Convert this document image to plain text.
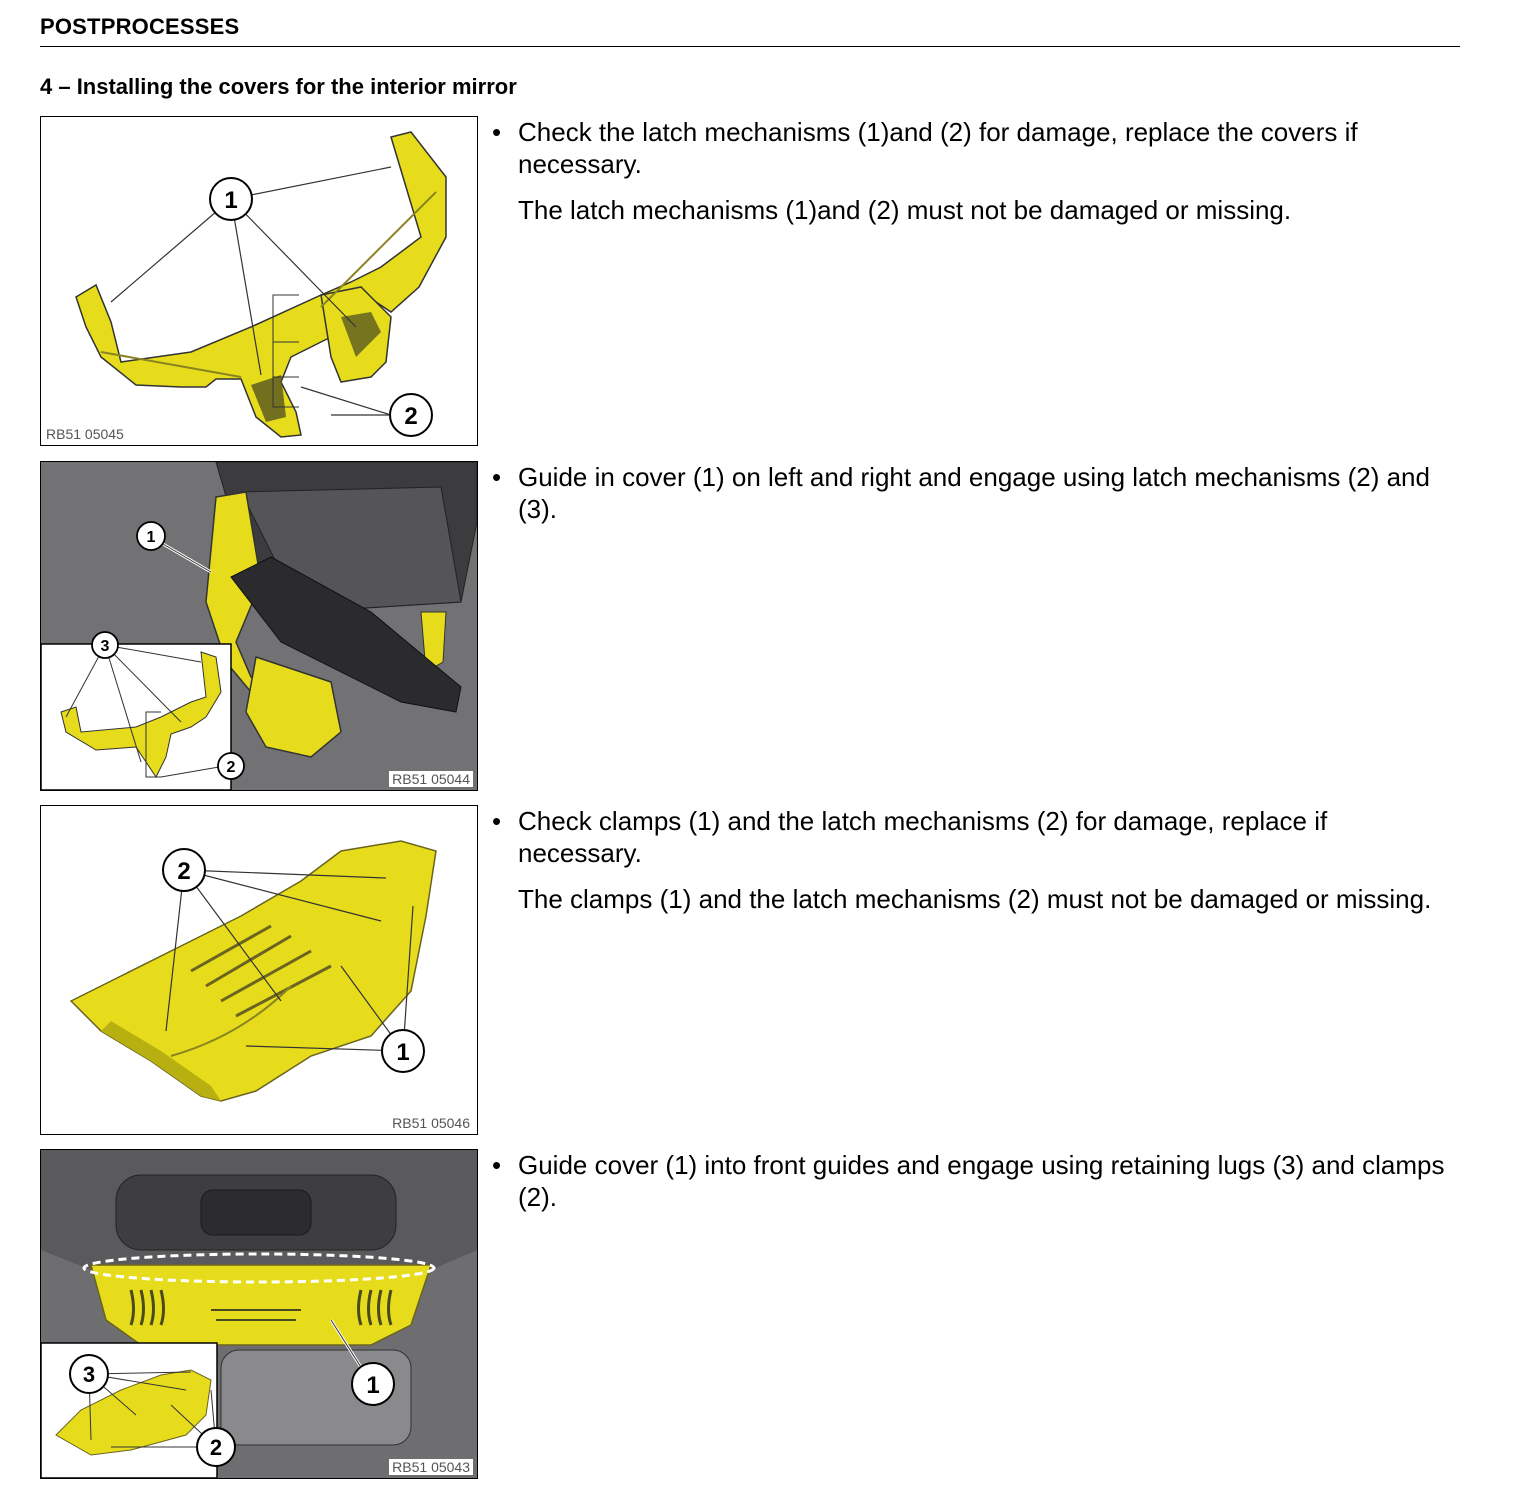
POSTPROCESSES
4 – Installing the covers for the interior mirror
1
2
RB51 05045
• Check the latch mechanisms (1)and (2) for damage, replace the covers if necessary.
The latch mechanisms (1)and (2) must not be damaged or missing.
3
2
1
RB51 05044
• Guide in cover (1) on left and right and engage using latch mechanisms (2) and (3).
2
1
RB51 05046
• Check clamps (1) and the latch mechanisms (2) for damage, replace if necessary.
The clamps (1) and the latch mechanisms (2) must not be damaged or missing.
1
3
2
RB51 05043
• Guide cover (1) into front guides and engage using retaining lugs (3) and clamps (2).
